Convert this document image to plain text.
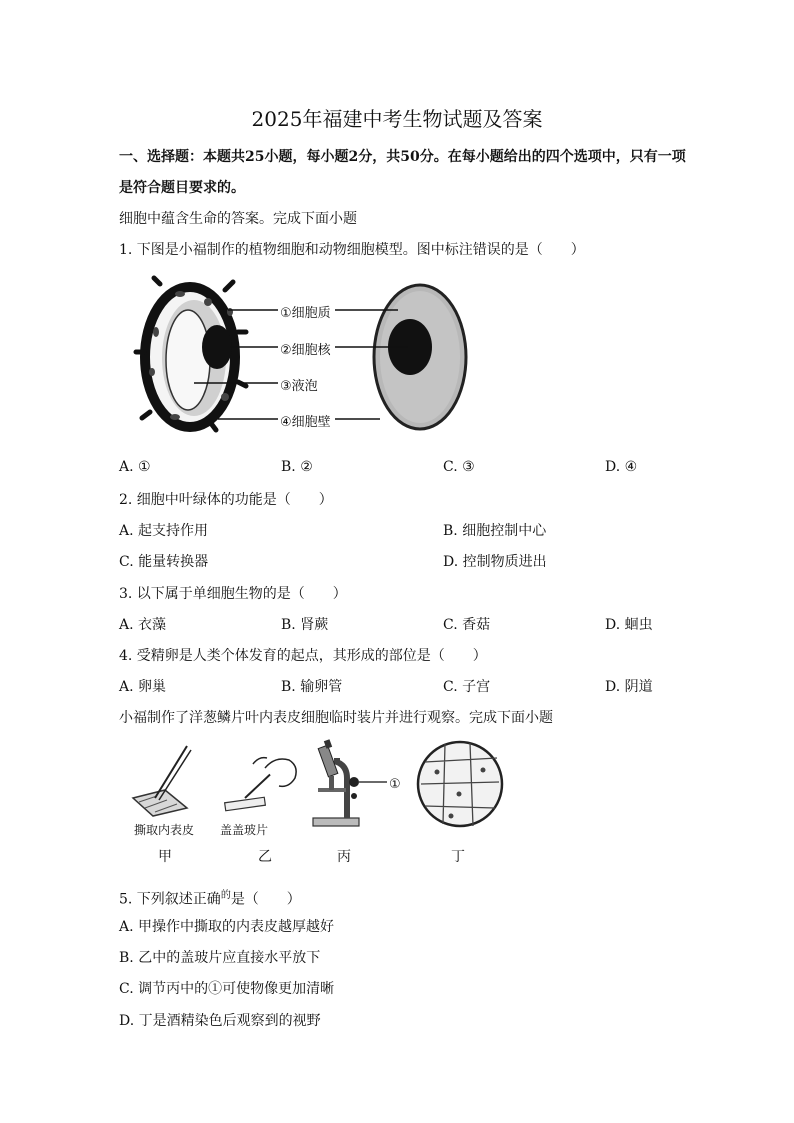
2025年福建中考生物试题及答案
一、选择题：本题共25小题，每小题2分，共50分。在每小题给出的四个选项中，只有一项
是符合题目要求的。
细胞中蕴含生命的答案。完成下面小题
1. 下图是小福制作的植物细胞和动物细胞模型。图中标注错误的是（　　）
①细胞质
②细胞核
③液泡
④细胞壁
A. ①	B. ②	C. ③	D. ④
2. 细胞中叶绿体的功能是（　　）
A. 起支持作用	B. 细胞控制中心
C. 能量转换器	D. 控制物质进出
3. 以下属于单细胞生物的是（　　）
A. 衣藻	B. 肾蕨	C. 香菇	D. 蛔虫
4. 受精卵是人类个体发育的起点，其形成的部位是（　　）
A. 卵巢	B. 输卵管	C. 子宫	D. 阴道
小福制作了洋葱鳞片叶内表皮细胞临时装片并进行观察。完成下面小题
①
撕取内表皮 盖盖玻片
甲	乙	丙	丁
5. 下列叙述正确$^的$是（　　）
A. 甲操作中撕取的内表皮越厚越好
B. 乙中的盖玻片应直接水平放下
C. 调节丙中的①可使物像更加清晰
D. 丁是酒精染色后观察到的视野
